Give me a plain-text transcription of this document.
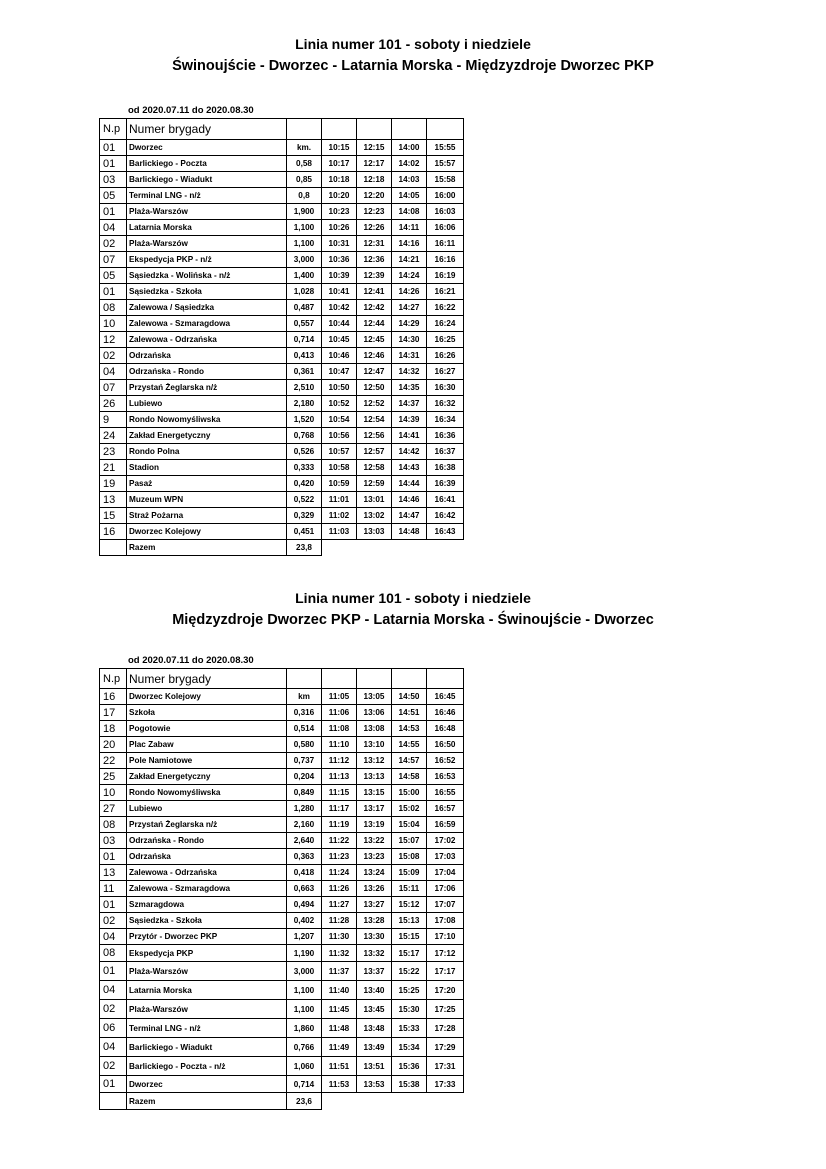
Linia numer 101 - soboty i niedziele
Świnoujście - Dworzec - Latarnia Morska - Międzyzdroje Dworzec PKP
od 2020.07.11 do 2020.08.30
N.p	Numer brygady					
01	Dworzec	km.	10:15	12:15	14:00	15:55
01	Barlickiego - Poczta	0,58	10:17	12:17	14:02	15:57
03	Barlickiego - Wiadukt	0,85	10:18	12:18	14:03	15:58
05	Terminal LNG - n/ż	0,8	10:20	12:20	14:05	16:00
01	Plaża-Warszów	1,900	10:23	12:23	14:08	16:03
04	Latarnia Morska	1,100	10:26	12:26	14:11	16:06
02	Plaża-Warszów	1,100	10:31	12:31	14:16	16:11
07	Ekspedycja PKP - n/ż	3,000	10:36	12:36	14:21	16:16
05	Sąsiedzka - Wolińska - n/ż	1,400	10:39	12:39	14:24	16:19
01	Sąsiedzka - Szkoła	1,028	10:41	12:41	14:26	16:21
08	Zalewowa / Sąsiedzka	0,487	10:42	12:42	14:27	16:22
10	Zalewowa - Szmaragdowa	0,557	10:44	12:44	14:29	16:24
12	Zalewowa - Odrzańska	0,714	10:45	12:45	14:30	16:25
02	Odrzańska	0,413	10:46	12:46	14:31	16:26
04	Odrzańska - Rondo	0,361	10:47	12:47	14:32	16:27
07	Przystań Żeglarska n/ż	2,510	10:50	12:50	14:35	16:30
26	Lubiewo	2,180	10:52	12:52	14:37	16:32
9	Rondo Nowomyśliwska	1,520	10:54	12:54	14:39	16:34
24	Zakład Energetyczny	0,768	10:56	12:56	14:41	16:36
23	Rondo Polna	0,526	10:57	12:57	14:42	16:37
21	Stadion	0,333	10:58	12:58	14:43	16:38
19	Pasaż	0,420	10:59	12:59	14:44	16:39
13	Muzeum WPN	0,522	11:01	13:01	14:46	16:41
15	Straż Pożarna	0,329	11:02	13:02	14:47	16:42
16	Dworzec Kolejowy	0,451	11:03	13:03	14:48	16:43
	Razem	23,8				
Linia numer 101 - soboty i niedziele
Międzyzdroje Dworzec PKP - Latarnia Morska - Świnoujście - Dworzec
od 2020.07.11 do 2020.08.30
N.p	Numer brygady					
16	Dworzec Kolejowy	km	11:05	13:05	14:50	16:45
17	Szkoła	0,316	11:06	13:06	14:51	16:46
18	Pogotowie	0,514	11:08	13:08	14:53	16:48
20	Plac Zabaw	0,580	11:10	13:10	14:55	16:50
22	Pole Namiotowe	0,737	11:12	13:12	14:57	16:52
25	Zakład Energetyczny	0,204	11:13	13:13	14:58	16:53
10	Rondo Nowomyśliwska	0,849	11:15	13:15	15:00	16:55
27	Lubiewo	1,280	11:17	13:17	15:02	16:57
08	Przystań Żeglarska n/ż	2,160	11:19	13:19	15:04	16:59
03	Odrzańska - Rondo	2,640	11:22	13:22	15:07	17:02
01	Odrzańska	0,363	11:23	13:23	15:08	17:03
13	Zalewowa - Odrzańska	0,418	11:24	13:24	15:09	17:04
11	Zalewowa - Szmaragdowa	0,663	11:26	13:26	15:11	17:06
01	Szmaragdowa	0,494	11:27	13:27	15:12	17:07
02	Sąsiedzka - Szkoła	0,402	11:28	13:28	15:13	17:08
04	Przytór - Dworzec PKP	1,207	11:30	13:30	15:15	17:10
08	Ekspedycja PKP	1,190	11:32	13:32	15:17	17:12
01	Plaża-Warszów	3,000	11:37	13:37	15:22	17:17
04	Latarnia Morska	1,100	11:40	13:40	15:25	17:20
02	Plaża-Warszów	1,100	11:45	13:45	15:30	17:25
06	Terminal LNG - n/ż	1,860	11:48	13:48	15:33	17:28
04	Barlickiego - Wiadukt	0,766	11:49	13:49	15:34	17:29
02	Barlickiego - Poczta - n/ż	1,060	11:51	13:51	15:36	17:31
01	Dworzec	0,714	11:53	13:53	15:38	17:33
	Razem	23,6				
